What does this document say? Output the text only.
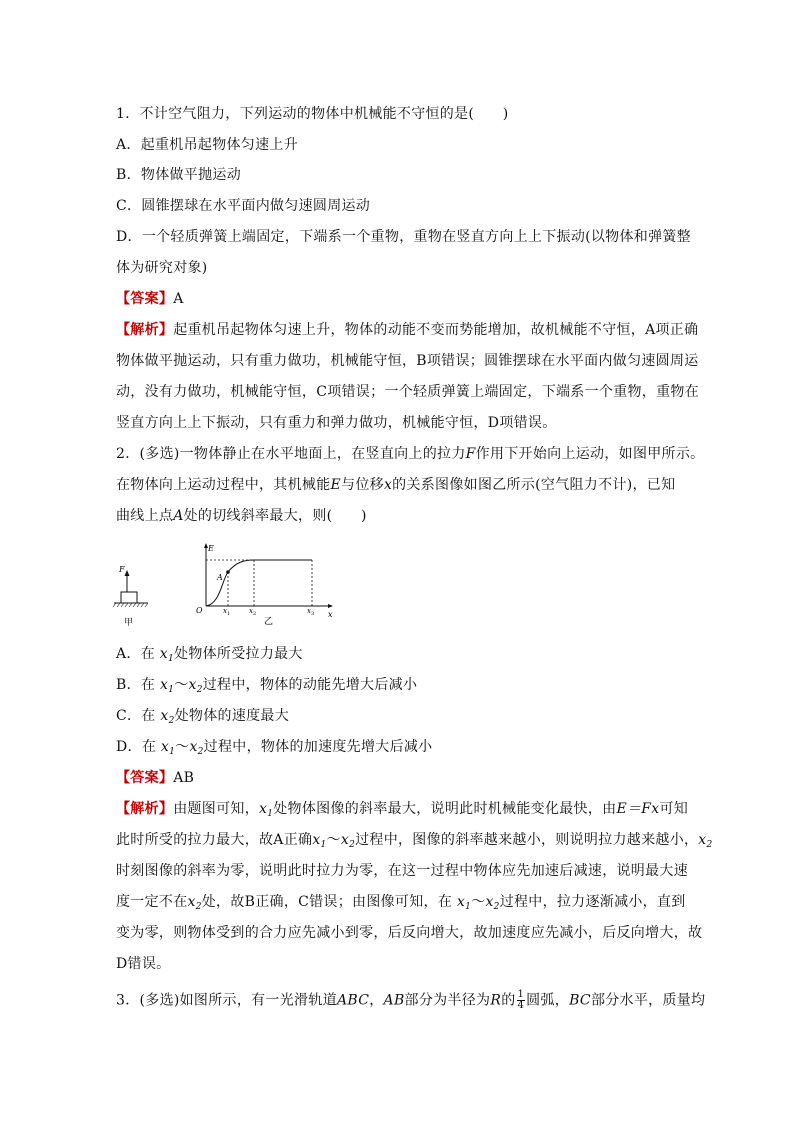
1．不计空气阻力，下列运动的物体中机械能不守恒的是(　　)
A．起重机吊起物体匀速上升
B．物体做平抛运动
C．圆锥摆球在水平面内做匀速圆周运动
D．一个轻质弹簧上端固定，下端系一个重物，重物在竖直方向上上下振动(以物体和弹簧整
体为研究对象)
【答案】A
【解析】起重机吊起物体匀速上升，物体的动能不变而势能增加，故机械能不守恒，A项正确
物体做平抛运动，只有重力做功，机械能守恒，B项错误；圆锥摆球在水平面内做匀速圆周运
动，没有力做功，机械能守恒，C项错误；一个轻质弹簧上端固定，下端系一个重物，重物在
竖直方向上上下振动，只有重力和弹力做功，机械能守恒，D项错误。
2．(多选)一物体静止在水平地面上，在竖直向上的拉力F作用下开始向上运动，如图甲所示。
在物体向上运动过程中，其机械能E与位移x的关系图像如图乙所示(空气阻力不计)，已知
曲线上点A处的切线斜率最大，则(　　)
F
甲
E
O	x
A
$x_1$	$x_2$	$x_3$
乙
A．在 $x_1$处物体所受拉力最大
B．在 $x_1\sim x_2$过程中，物体的动能先增大后减小
C．在 $x_2$处物体的速度最大
D．在 $x_1\sim x_2$过程中，物体的加速度先增大后减小
【答案】AB
【解析】由题图可知，$x_1$处物体图像的斜率最大，说明此时机械能变化最快，由E＝Fx可知
此时所受的拉力最大，故A正确$x_1\sim x_2$过程中，图像的斜率越来越小，则说明拉力越来越小，$x_2$
时刻图像的斜率为零，说明此时拉力为零，在这一过程中物体应先加速后减速，说明最大速
度一定不在$x_2$处，故B正确，C错误；由图像可知，在 $x_1\sim x_2$过程中，拉力逐渐减小，直到
变为零，则物体受到的合力应先减小到零，后反向增大，故加速度应先减小，后反向增大，故
D错误。
3．(多选)如图所示，有一光滑轨道ABC，AB部分为半径为R的 $\frac{1}{4}$ 圆弧，BC部分水平，质量均
